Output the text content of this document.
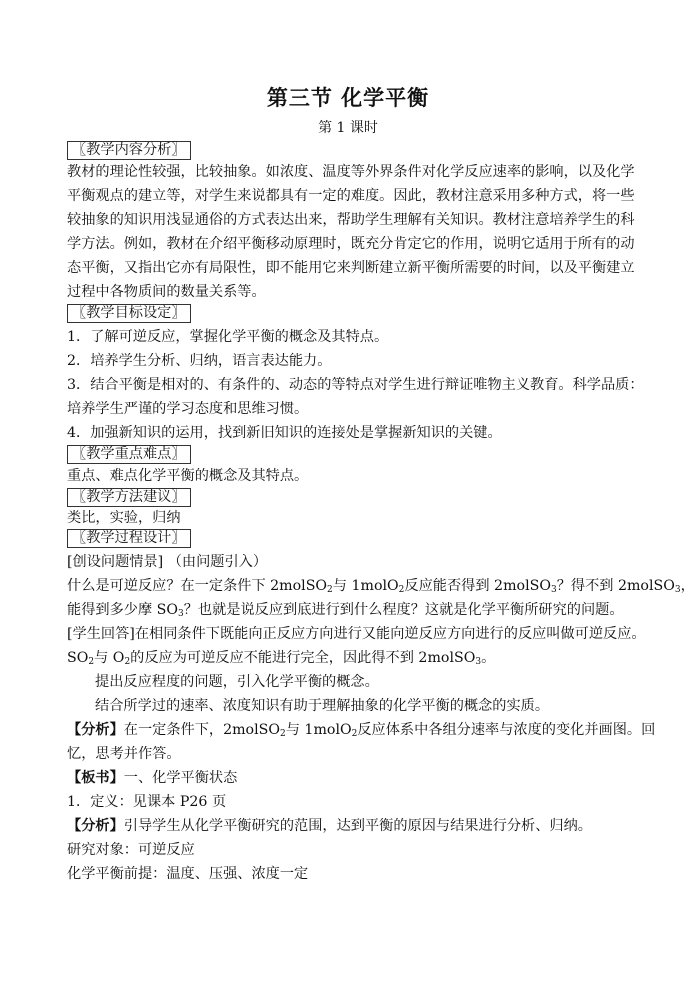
第三节 化学平衡
第 1 课时
〖教学内容分析〗
教材的理论性较强，比较抽象。如浓度、温度等外界条件对化学反应速率的影响，以及化学
平衡观点的建立等，对学生来说都具有一定的难度。因此，教材注意采用多种方式，将一些
较抽象的知识用浅显通俗的方式表达出来，帮助学生理解有关知识。教材注意培养学生的科
学方法。例如，教材在介绍平衡移动原理时，既充分肯定它的作用，说明它适用于所有的动
态平衡，又指出它亦有局限性，即不能用它来判断建立新平衡所需要的时间，以及平衡建立
过程中各物质间的数量关系等。
〖教学目标设定〗
1．了解可逆反应，掌握化学平衡的概念及其特点。
2．培养学生分析、归纳，语言表达能力。
3．结合平衡是相对的、有条件的、动态的等特点对学生进行辩证唯物主义教育。科学品质：
培养学生严谨的学习态度和思维习惯。
4．加强新知识的运用，找到新旧知识的连接处是掌握新知识的关键。
〖教学重点难点〗
重点、难点化学平衡的概念及其特点。
〖教学方法建议〗
类比，实验，归纳
〖教学过程设计〗
[创设问题情景] （由问题引入）
什么是可逆反应？在一定条件下 2molSO$_2$与 1molO$_2$反应能否得到 2molSO$_3$？得不到 2molSO$_3$，
能得到多少摩 $SO_3$？也就是说反应到底进行到什么程度？这就是化学平衡所研究的问题。
[学生回答]在相同条件下既能向正反应方向进行又能向逆反应方向进行的反应叫做可逆反应。
$SO_2$与 $O_2$的反应为可逆反应不能进行完全，因此得不到 2molSO$_3$。
提出反应程度的问题，引入化学平衡的概念。
结合所学过的速率、浓度知识有助于理解抽象的化学平衡的概念的实质。
【分析】在一定条件下，2molSO$_2$与 1molO$_2$反应体系中各组分速率与浓度的变化并画图。回
忆，思考并作答。
【板书】一、化学平衡状态
1．定义：见课本 P26 页
【分析】引导学生从化学平衡研究的范围，达到平衡的原因与结果进行分析、归纳。
研究对象：可逆反应
化学平衡前提：温度、压强、浓度一定
